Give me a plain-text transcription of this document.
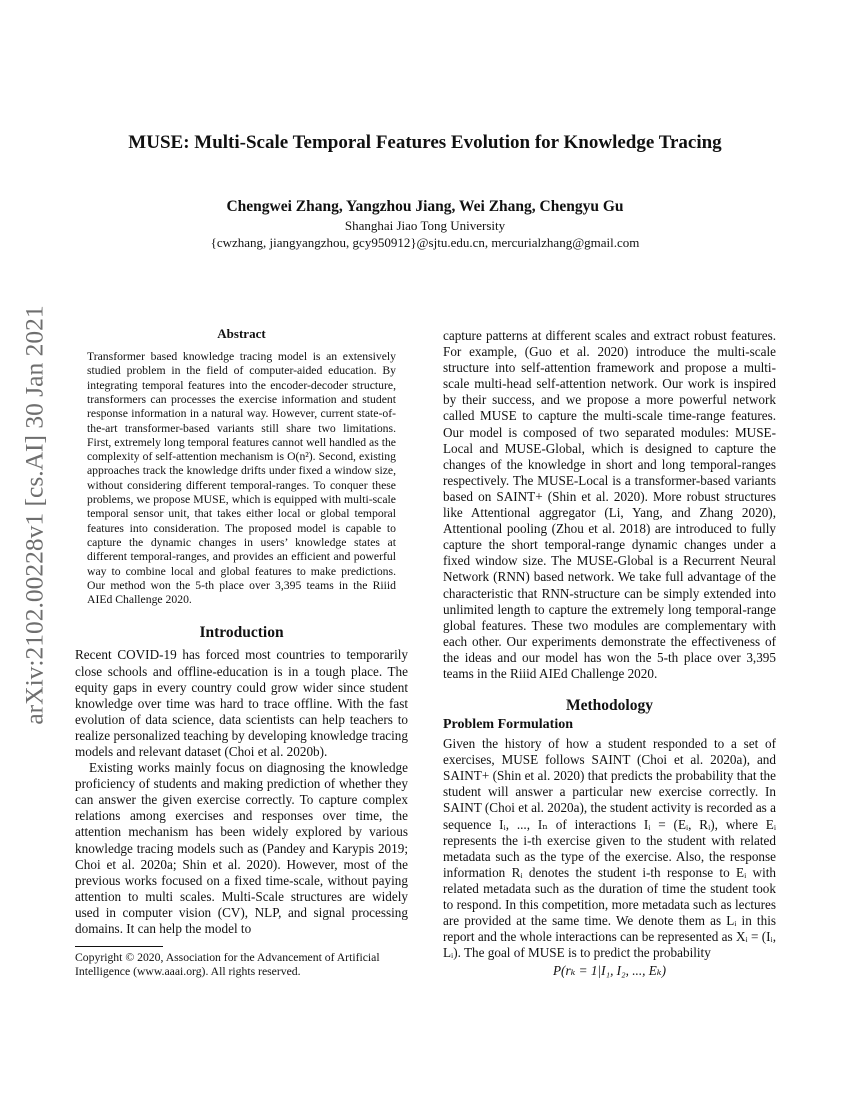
arXiv:2102.00228v1 [cs.AI] 30 Jan 2021
MUSE: Multi-Scale Temporal Features Evolution for Knowledge Tracing
Chengwei Zhang, Yangzhou Jiang, Wei Zhang, Chengyu Gu
Shanghai Jiao Tong University
{cwzhang, jiangyangzhou, gcy950912}@sjtu.edu.cn, mercurialzhang@gmail.com
Abstract

Transformer based knowledge tracing model is an extensively studied problem in the field of computer-aided education. By integrating temporal features into the encoder-decoder structure, transformers can processes the exercise information and student response information in a natural way. However, current state-of-the-art transformer-based variants still share two limitations. First, extremely long temporal features cannot well handled as the complexity of self-attention mechanism is O(n²). Second, existing approaches track the knowledge drifts under fixed a window size, without considering different temporal-ranges. To conquer these problems, we propose MUSE, which is equipped with multi-scale temporal sensor unit, that takes either local or global temporal features into consideration. The proposed model is capable to capture the dynamic changes in users’ knowledge states at different temporal-ranges, and provides an efficient and powerful way to combine local and global features to make predictions. Our method won the 5-th place over 3,395 teams in the Riiid AIEd Challenge 2020.

Introduction

Recent COVID-19 has forced most countries to temporarily close schools and offline-education is in a tough place. The equity gaps in every country could grow wider since student knowledge over time was hard to trace offline. With the fast evolution of data science, data scientists can help teachers to realize personalized teaching by developing knowledge tracing models and relevant dataset (Choi et al. 2020b).

Existing works mainly focus on diagnosing the knowledge proficiency of students and making prediction of whether they can answer the given exercise correctly. To capture complex relations among exercises and responses over time, the attention mechanism has been widely explored by various knowledge tracing models such as (Pandey and Karypis 2019; Choi et al. 2020a; Shin et al. 2020). However, most of the previous works focused on a fixed time-scale, without paying attention to multi scales. Multi-Scale structures are widely used in computer vision (CV), NLP, and signal processing domains. It can help the model to

Copyright © 2020, Association for the Advancement of Artificial Intelligence (www.aaai.org). All rights reserved.

capture patterns at different scales and extract robust features. For example, (Guo et al. 2020) introduce the multi-scale structure into self-attention framework and propose a multi-scale multi-head self-attention network. Our work is inspired by their success, and we propose a more powerful network called MUSE to capture the multi-scale time-range features. Our model is composed of two separated modules: MUSE-Local and MUSE-Global, which is designed to capture the changes of the knowledge in short and long temporal-ranges respectively. The MUSE-Local is a transformer-based variants based on SAINT+ (Shin et al. 2020). More robust structures like Attentional aggregator (Li, Yang, and Zhang 2020), Attentional pooling (Zhou et al. 2018) are introduced to fully capture the short temporal-range dynamic changes under a fixed window size. The MUSE-Global is a Recurrent Neural Network (RNN) based network. We take full advantage of the characteristic that RNN-structure can be simply extended into unlimited length to capture the extremely long temporal-range global features. These two modules are complementary with each other. Our experiments demonstrate the effectiveness of the ideas and our model has won the 5-th place over 3,395 teams in the Riiid AIEd Challenge 2020.

Methodology
Problem Formulation

Given the history of how a student responded to a set of exercises, MUSE follows SAINT (Choi et al. 2020a), and SAINT+ (Shin et al. 2020) that predicts the probability that the student will answer a particular new exercise correctly. In SAINT (Choi et al. 2020a), the student activity is recorded as a sequence Iᵢ, ..., Iₙ of interactions Iᵢ = (Eᵢ, Rᵢ), where Eᵢ represents the i-th exercise given to the student with related metadata such as the type of the exercise. Also, the response information Rᵢ denotes the student i-th response to Eᵢ with related metadata such as the duration of time the student took to respond. In this competition, more metadata such as lectures are provided at the same time. We denote them as Lᵢ in this report and the whole interactions can be represented as Xᵢ = (Iᵢ, Lᵢ). The goal of MUSE is to predict the probability

P(rₖ = 1|I₁, I₂, ..., Eₖ)
